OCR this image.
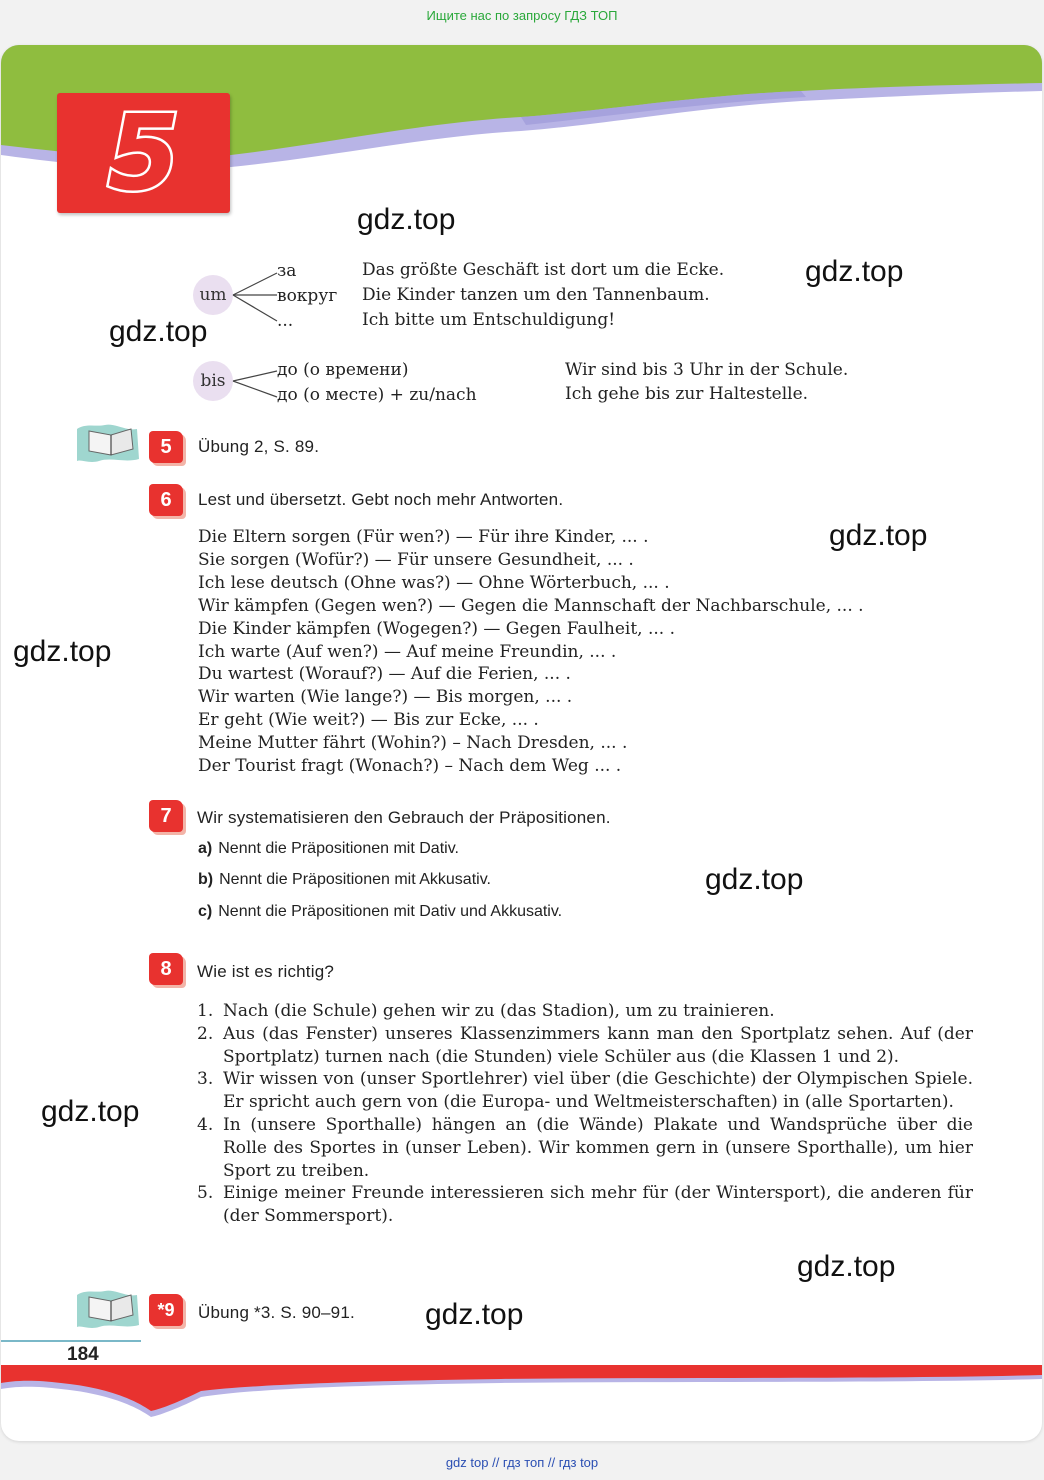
Ищите нас по запросу ГДЗ ТОП
5
gdz.top
gdz.top
gdz.top
gdz.top
gdz.top
gdz.top
gdz.top
gdz.top
gdz.top
um
за
вокруг
...
Das größte Geschäft ist dort um die Ecke.
Die Kinder tanzen um den Tannenbaum.
Ich bitte um Entschuldigung!
bis
до (о времени)
до (о месте) + zu/nach
Wir sind bis 3 Uhr in der Schule.
Ich gehe bis zur Haltestelle.
5	Übung 2, S. 89.
6	Lest und übersetzt. Gebt noch mehr Antworten.
Die Eltern sorgen (Für wen?) — Für ihre Kinder, ... .
Sie sorgen (Wofür?) — Für unsere Gesundheit, ... .
Ich lese deutsch (Ohne was?) — Ohne Wörterbuch, ... .
Wir kämpfen (Gegen wen?) — Gegen die Mannschaft der Nachbarschule, ... .
Die Kinder kämpfen (Wogegen?) — Gegen Faulheit, ... .
Ich warte (Auf wen?) — Auf meine Freundin, ... .
Du wartest (Worauf?) — Auf die Ferien, ... .
Wir warten (Wie lange?) — Bis morgen, ... .
Er geht (Wie weit?) — Bis zur Ecke, ... .
Meine Mutter fährt (Wohin?) – Nach Dresden, ... .
Der Tourist fragt (Wonach?) – Nach dem Weg ... .
7	Wir systematisieren den Gebrauch der Präpositionen.
a) Nennt die Präpositionen mit Dativ.
b) Nennt die Präpositionen mit Akkusativ.
c) Nennt die Präpositionen mit Dativ und Akkusativ.
8	Wie ist es richtig?
1. Nach (die Schule) gehen wir zu (das Stadion), um zu trainieren.
2. Aus (das Fenster) unseres Klassenzimmers kann man den Sportplatz sehen. Auf (der Sportplatz) turnen nach (die Stunden) viele Schüler aus (die Klassen 1 und 2).
3. Wir wissen von (unser Sportlehrer) viel über (die Geschichte) der Olympischen Spiele. Er spricht auch gern von (die Europa- und Weltmeisterschaften) in (alle Sportarten).
4. In (unsere Sporthalle) hängen an (die Wände) Plakate und Wandsprüche über die Rolle des Sportes in (unser Leben). Wir kommen gern in (unsere Sporthalle), um hier Sport zu treiben.
5. Einige meiner Freunde interessieren sich mehr für (der Wintersport), die anderen für (der Sommersport).
*9	Übung *3. S. 90–91.
184
gdz top // гдз топ // гдз top
